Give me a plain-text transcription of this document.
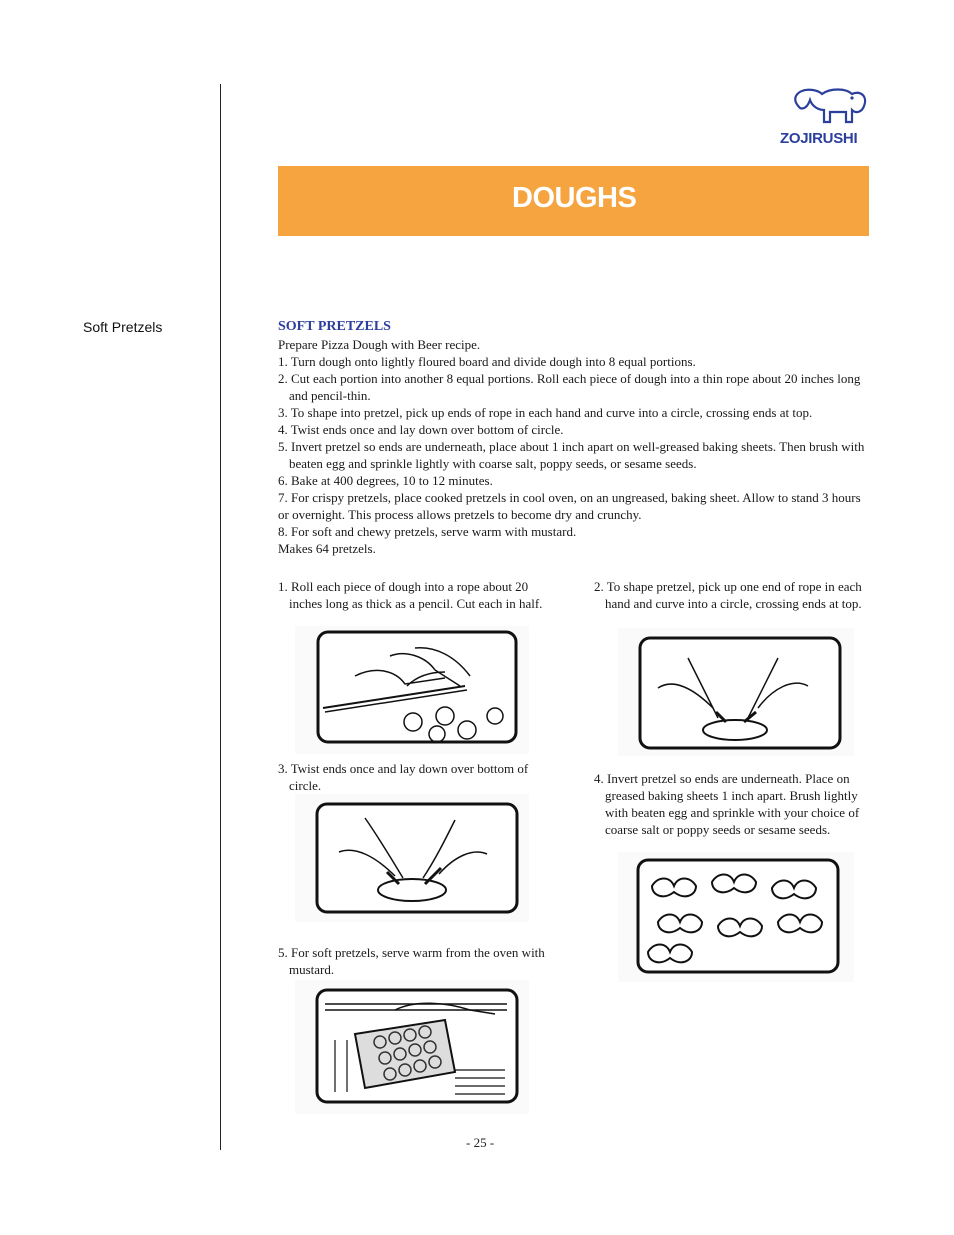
ZOJIRUSHI
DOUGHS
Soft Pretzels	SOFT PRETZELS

Prepare Pizza Dough with Beer recipe.

1. Turn dough onto lightly floured board and divide dough into 8 equal portions.

2. Cut each portion into another 8 equal portions. Roll each piece of dough into a thin rope about 20 inches long and pencil-thin.

3. To shape into pretzel, pick up ends of rope in each hand and curve into a circle, crossing ends at top.

4. Twist ends once and lay down over bottom of circle.

5. Invert pretzel so ends are underneath, place about 1 inch apart on well-greased baking sheets. Then brush with beaten egg and sprinkle lightly with coarse salt, poppy seeds, or sesame seeds.

6. Bake at 400 degrees, 10 to 12 minutes.

7. For crispy pretzels, place cooked pretzels in cool oven, on an ungreased, baking sheet. Allow to stand 3 hours or overnight. This process allows pretzels to become dry and crunchy.

8. For soft and chewy pretzels, serve warm with mustard.

Makes 64 pretzels.

1. Roll each piece of dough into a rope about 20 inches long as thick as a pencil. Cut each in half.

2. To shape pretzel, pick up one end of rope in each hand and curve into a circle, crossing ends at top.

3. Twist ends once and lay down over bottom of circle.	4. Invert pretzel so ends are underneath. Place on greased baking sheets 1 inch apart. Brush lightly with beaten egg and sprinkle with your choice of coarse salt or poppy seeds or sesame seeds.

5. For soft pretzels, serve warm from the oven with mustard.

- 25 -
